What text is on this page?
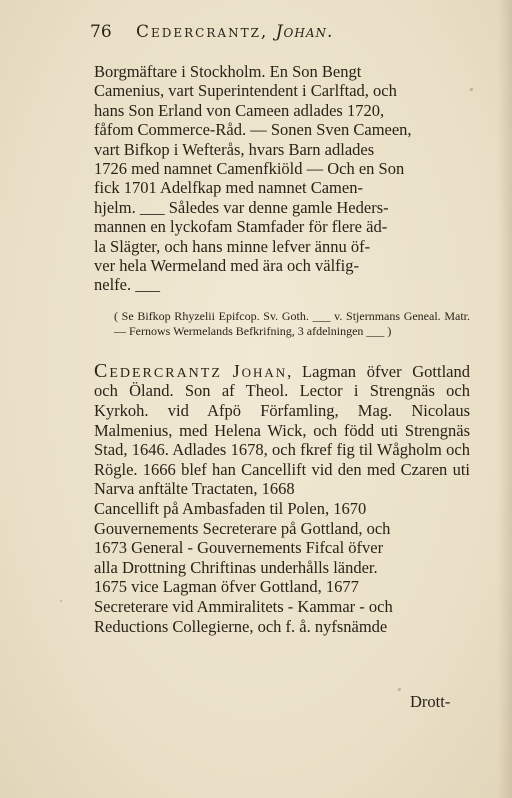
76 Cedercrantz, Johan.

Borgmäftare i Stockholm. En Son Bengt
Camenius, vart Superintendent i Carlftad, och
hans Son Erland von Cameen adlades 1720,
fåfom Commerce-Råd. — Sonen Sven Cameen,
vart Bifkop i Wefterås, hvars Barn adlades
1726 med namnet Camenfkiöld — Och en Son
fick 1701 Adelfkap med namnet Camen-
hjelm. ___ Således var denne gamle Heders-
mannen en lyckofam Stamfader för flere äd-
la Slägter, och hans minne lefver ännu öf-
ver hela Wermeland med ära och välfig-
nelfe. ___

( Se Bifkop Rhyzelii Epifcop. Sv. Goth. ___ v. Stjernmans Geneal. Matr. — Fernows Wermelands Befkrifning, 3 afdelningen ___ )

Cedercrantz Johan, Lagman öfver Gottland och Öland. Son af Theol. Lector i Strengnäs och Kyrkoh. vid Afpö Förfamling, Mag. Nicolaus Malmenius, med Helena Wick, och född uti Strengnäs Stad, 1646. Adlades 1678, och fkref fig til Wågholm och Rögle. 1666 blef han Cancellift vid den med Czaren uti Narva anftälte Tractaten, 1668
Cancellift på Ambasfaden til Polen, 1670
Gouvernements Secreterare på Gottland, och
1673 General - Gouvernements Fifcal öfver
alla Drottning Chriftinas underhålls länder.
1675 vice Lagman öfver Gottland, 1677
Secreterare vid Ammiralitets - Kammar - och
Reductions Collegierne, och f. å. nyfsnämde

Drott-
